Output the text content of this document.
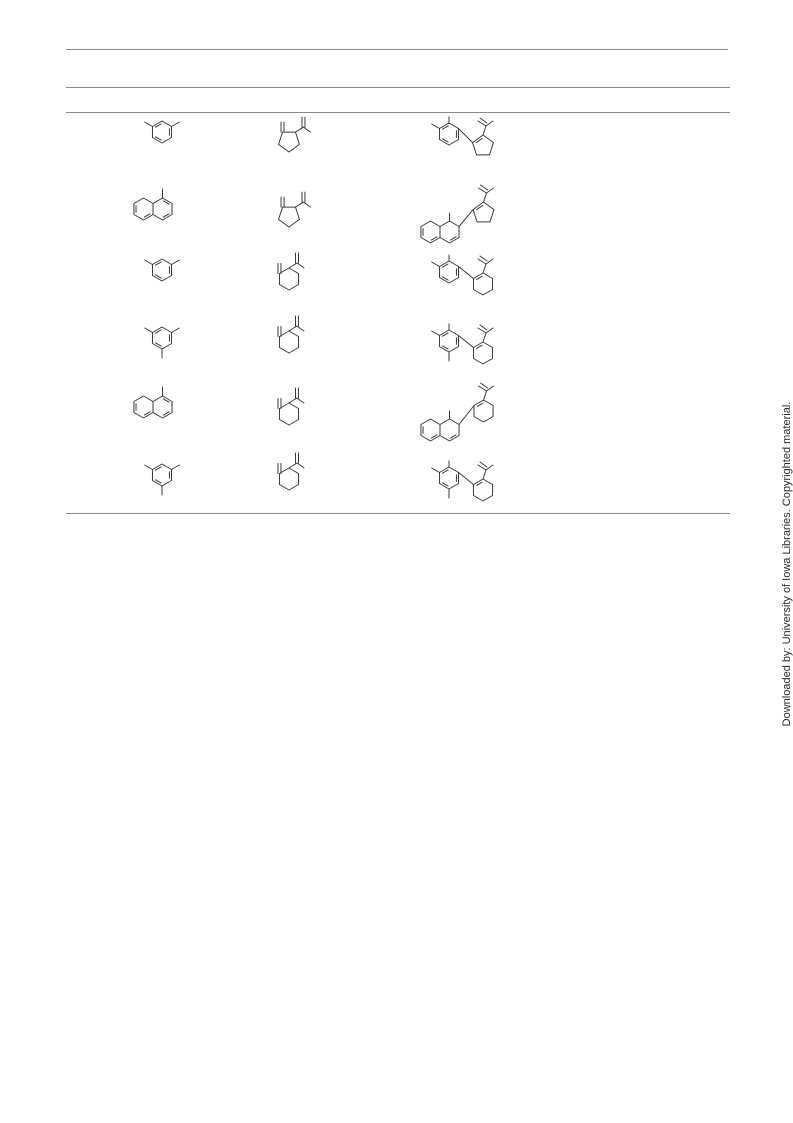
Downloaded by: University of Iowa Libraries. Copyrighted material.
